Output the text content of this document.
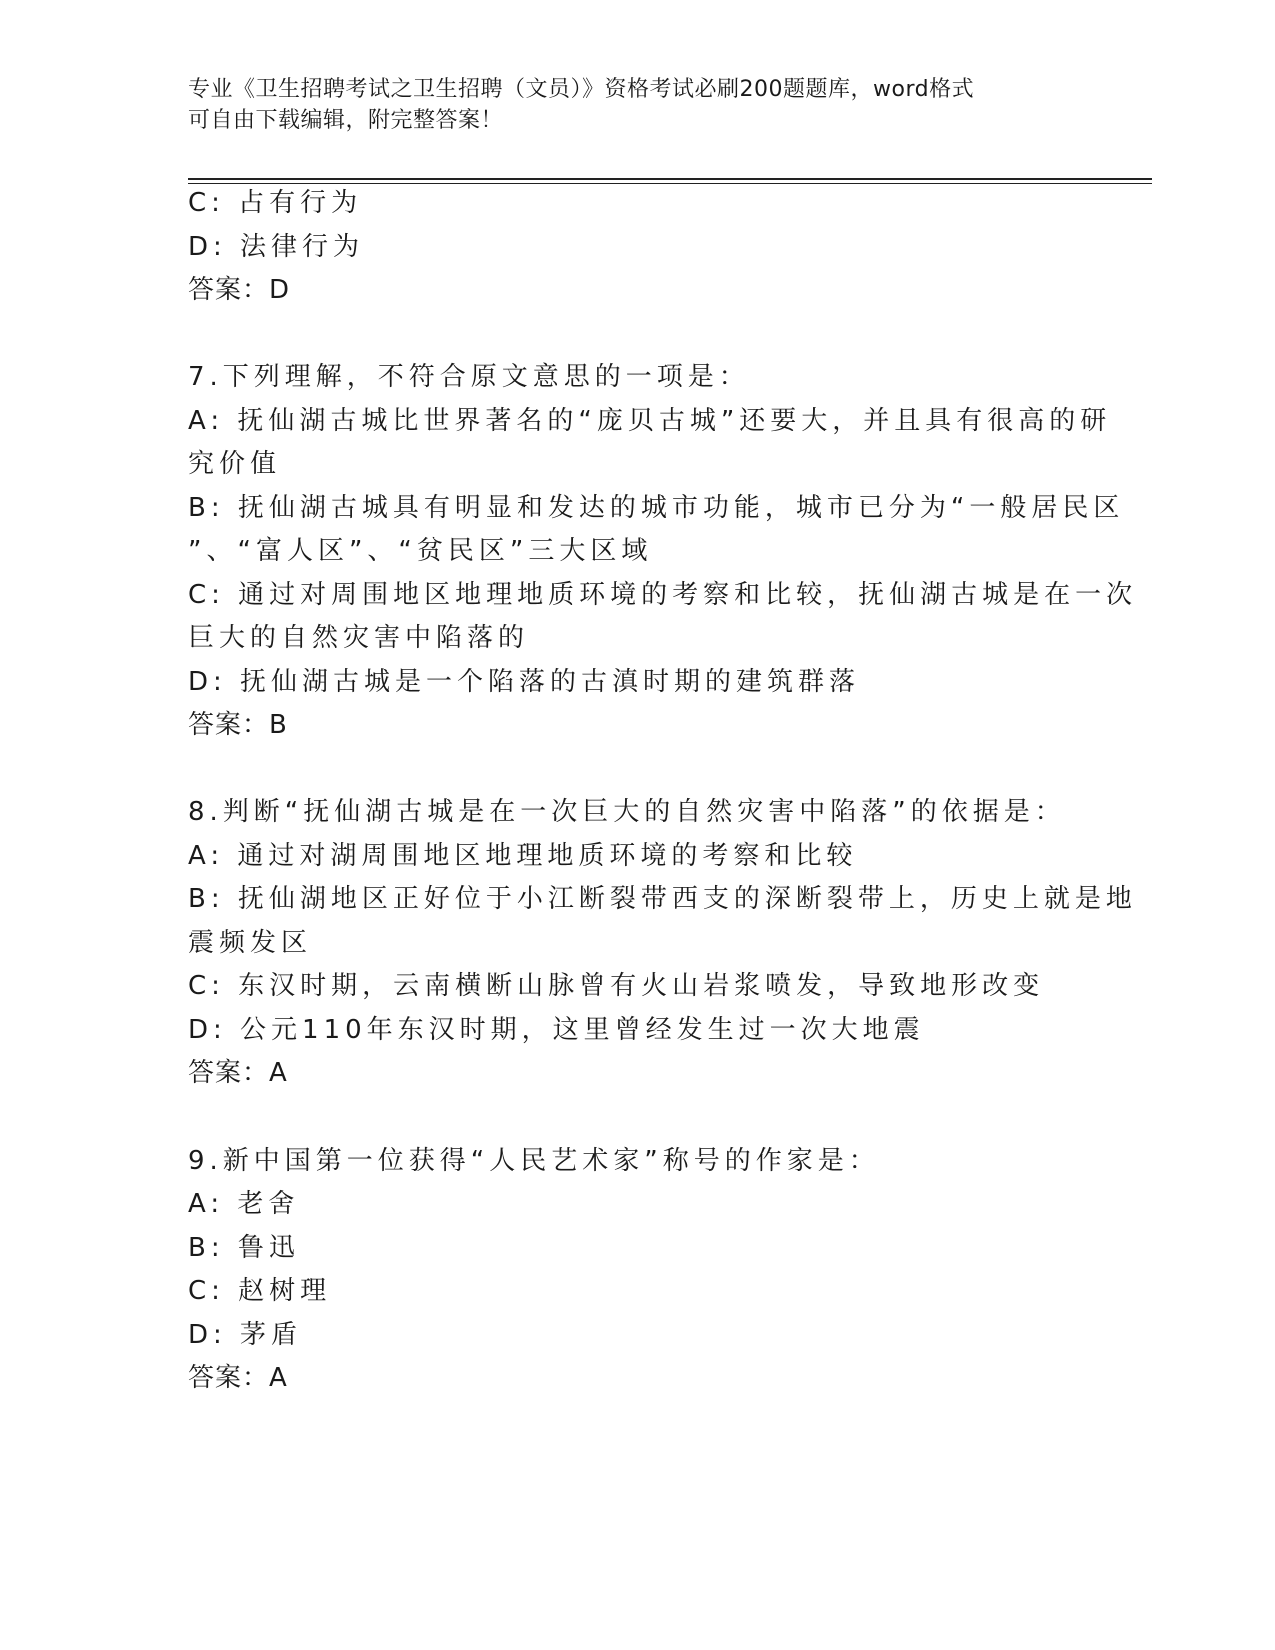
专业《卫生招聘考试之卫生招聘（文员）》资格考试必刷200题题库，word格式
可自由下载编辑，附完整答案！
C: 占有行为
D: 法律行为
答案：D
7.下列理解，不符合原文意思的一项是：
A: 抚仙湖古城比世界著名的“庞贝古城”还要大，并且具有很高的研
究价值
B: 抚仙湖古城具有明显和发达的城市功能，城市已分为“一般居民区
”、“富人区”、“贫民区”三大区域
C: 通过对周围地区地理地质环境的考察和比较，抚仙湖古城是在一次
巨大的自然灾害中陷落的
D: 抚仙湖古城是一个陷落的古滇时期的建筑群落
答案：B
8.判断“抚仙湖古城是在一次巨大的自然灾害中陷落”的依据是：
A: 通过对湖周围地区地理地质环境的考察和比较
B: 抚仙湖地区正好位于小江断裂带西支的深断裂带上，历史上就是地
震频发区
C: 东汉时期，云南横断山脉曾有火山岩浆喷发，导致地形改变
D: 公元110年东汉时期，这里曾经发生过一次大地震
答案：A
9.新中国第一位获得“人民艺术家”称号的作家是：
A: 老舍
B: 鲁迅
C: 赵树理
D: 茅盾
答案：A
